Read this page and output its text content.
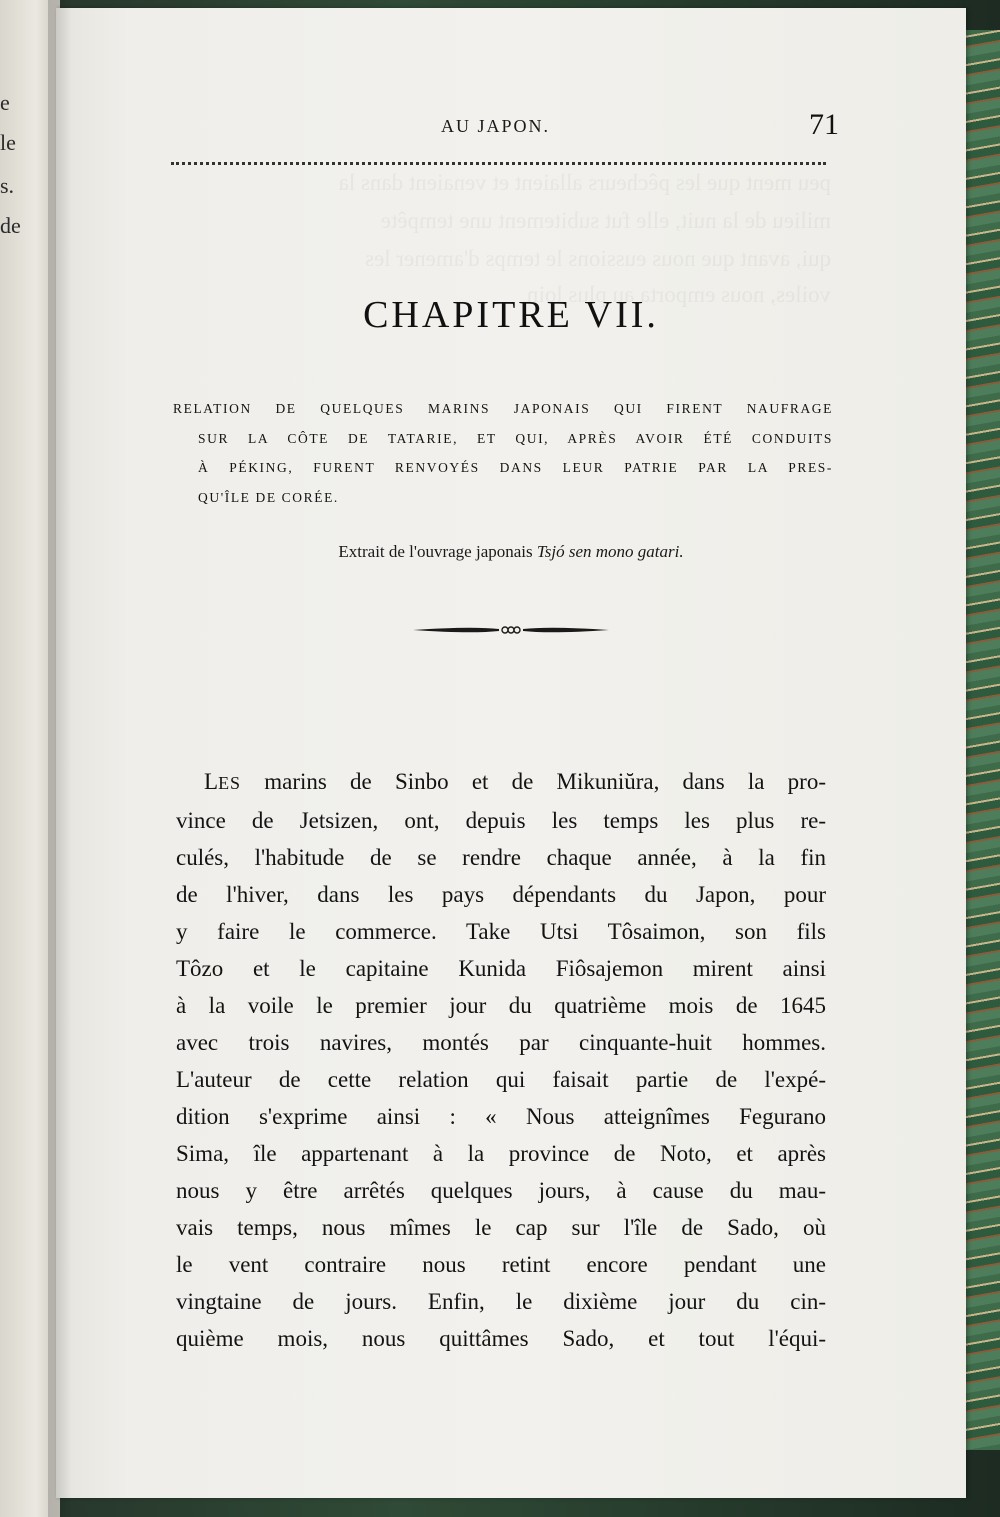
e
le
s.
de
peu ment que les pêcheurs allaient et venaient dans la
milieu de la nuit, elle fut subitement une tempête
qui, avant que nous eussions le temps d'amener les
voiles, nous emporta au plus loin
AU JAPON.	71
CHAPITRE VII.
RELATION DE QUELQUES MARINS JAPONAIS QUI FIRENT NAUFRAGE
SUR LA CÔTE DE TATARIE, ET QUI, APRÈS AVOIR ÉTÉ CONDUITS
À PÉKING, FURENT RENVOYÉS DANS LEUR PATRIE PAR LA PRES-
QU'ÎLE DE CORÉE.
Extrait de l'ouvrage japonais Tsjó sen mono gatari.
LES marins de Sinbo et de Mikuniŭra, dans la pro-
vince de Jetsizen, ont, depuis les temps les plus re-
culés, l'habitude de se rendre chaque année, à la fin
de l'hiver, dans les pays dépendants du Japon, pour
y faire le commerce. Take Utsi Tôsaimon, son fils
Tôzo et le capitaine Kunida Fiôsajemon mirent ainsi
à la voile le premier jour du quatrième mois de 1645
avec trois navires, montés par cinquante-huit hommes.
L'auteur de cette relation qui faisait partie de l'expé-
dition s'exprime ainsi : « Nous atteignîmes Fegurano
Sima, île appartenant à la province de Noto, et après
nous y être arrêtés quelques jours, à cause du mau-
vais temps, nous mîmes le cap sur l'île de Sado, où
le vent contraire nous retint encore pendant une
vingtaine de jours. Enfin, le dixième jour du cin-
quième mois, nous quittâmes Sado, et tout l'équi-
